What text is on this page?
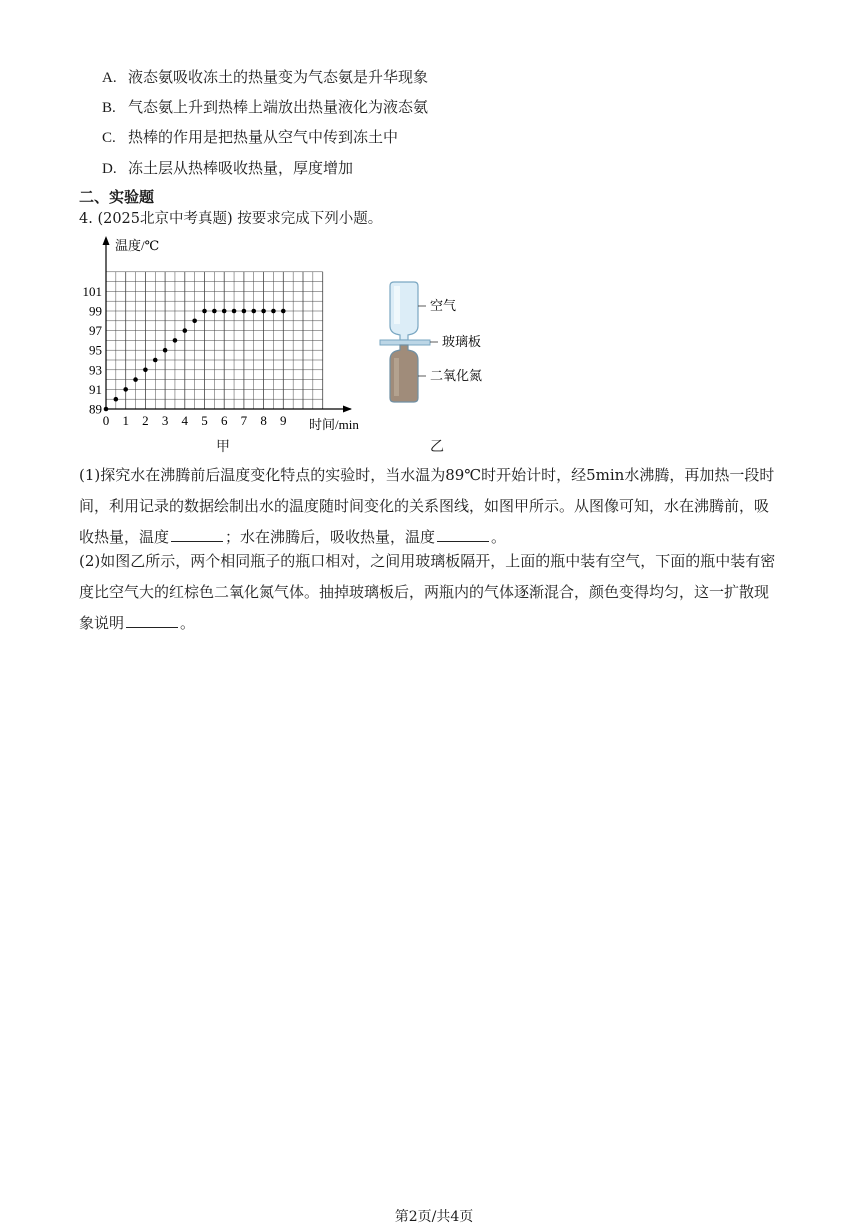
A. 液态氨吸收冻土的热量变为气态氨是升华现象
B. 气态氨上升到热棒上端放出热量液化为液态氨
C. 热棒的作用是把热量从空气中传到冻土中
D. 冻土层从热棒吸收热量，厚度增加
二、实验题
4. (2025北京中考真题) 按要求完成下列小题。
0 1 2 3 4 5 6 7 8 9
89
91
93
95
97
99
101
温度/℃
时间/min
空气
玻璃板
二氧化氮
甲	乙
(1)探究水在沸腾前后温度变化特点的实验时，当水温为89℃时开始计时，经5min水沸腾，再加热一段时
间，利用记录的数据绘制出水的温度随时间变化的关系图线，如图甲所示。从图像可知，水在沸腾前，吸
收热量，温度	；水在沸腾后，吸收热量，温度	。
(2)如图乙所示，两个相同瓶子的瓶口相对，之间用玻璃板隔开，上面的瓶中装有空气，下面的瓶中装有密
度比空气大的红棕色二氧化氮气体。抽掉玻璃板后，两瓶内的气体逐渐混合，颜色变得均匀，这一扩散现
象说明	。
第2页/共4页
